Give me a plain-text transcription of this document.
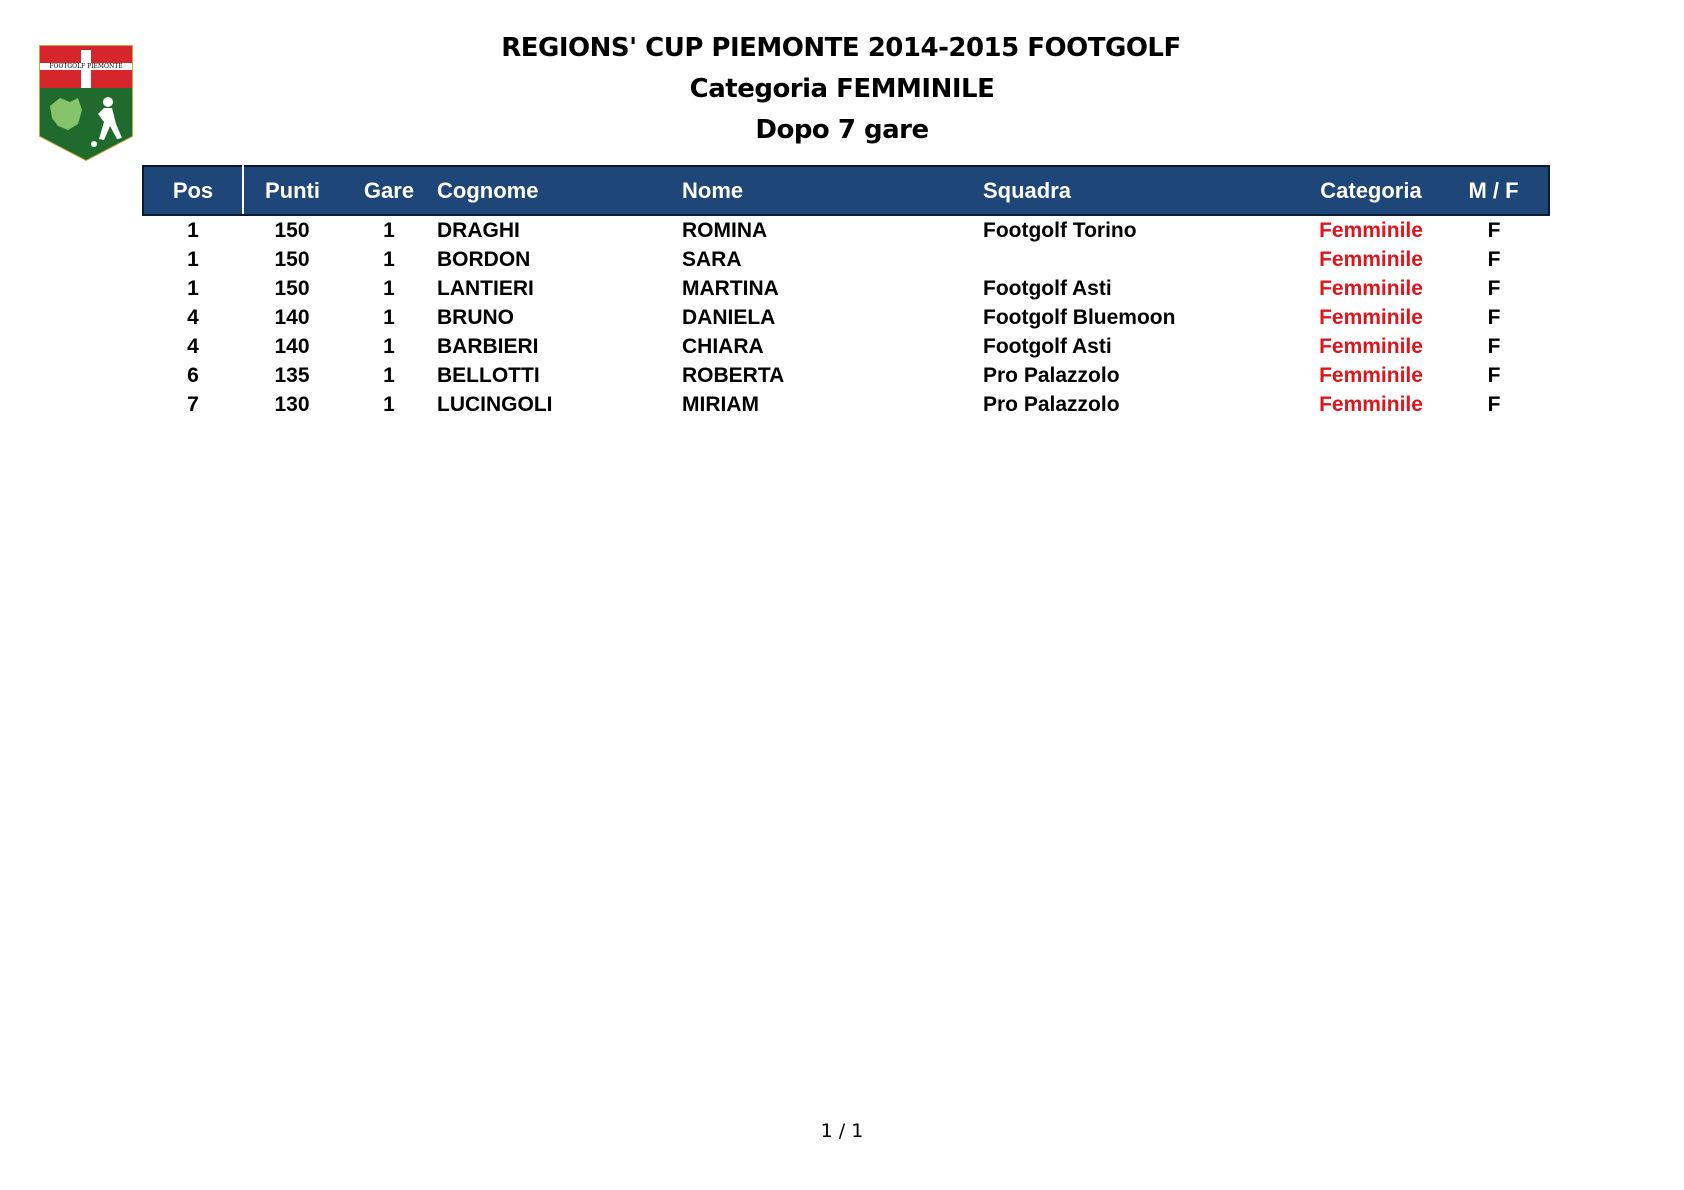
FOOTGOLF PIEMONTE
REGIONS' CUP PIEMONTE 2014-2015 FOOTGOLF
Categoria FEMMINILE
Dopo 7 gare
Pos	Punti	Gare	Cognome	Nome	Squadra	Categoria	M / F
1	150	1	DRAGHI	ROMINA	Footgolf Torino	Femminile	F
1	150	1	BORDON	SARA		Femminile	F
1	150	1	LANTIERI	MARTINA	Footgolf Asti	Femminile	F
4	140	1	BRUNO	DANIELA	Footgolf Bluemoon	Femminile	F
4	140	1	BARBIERI	CHIARA	Footgolf Asti	Femminile	F
6	135	1	BELLOTTI	ROBERTA	Pro Palazzolo	Femminile	F
7	130	1	LUCINGOLI	MIRIAM	Pro Palazzolo	Femminile	F
1 / 1
